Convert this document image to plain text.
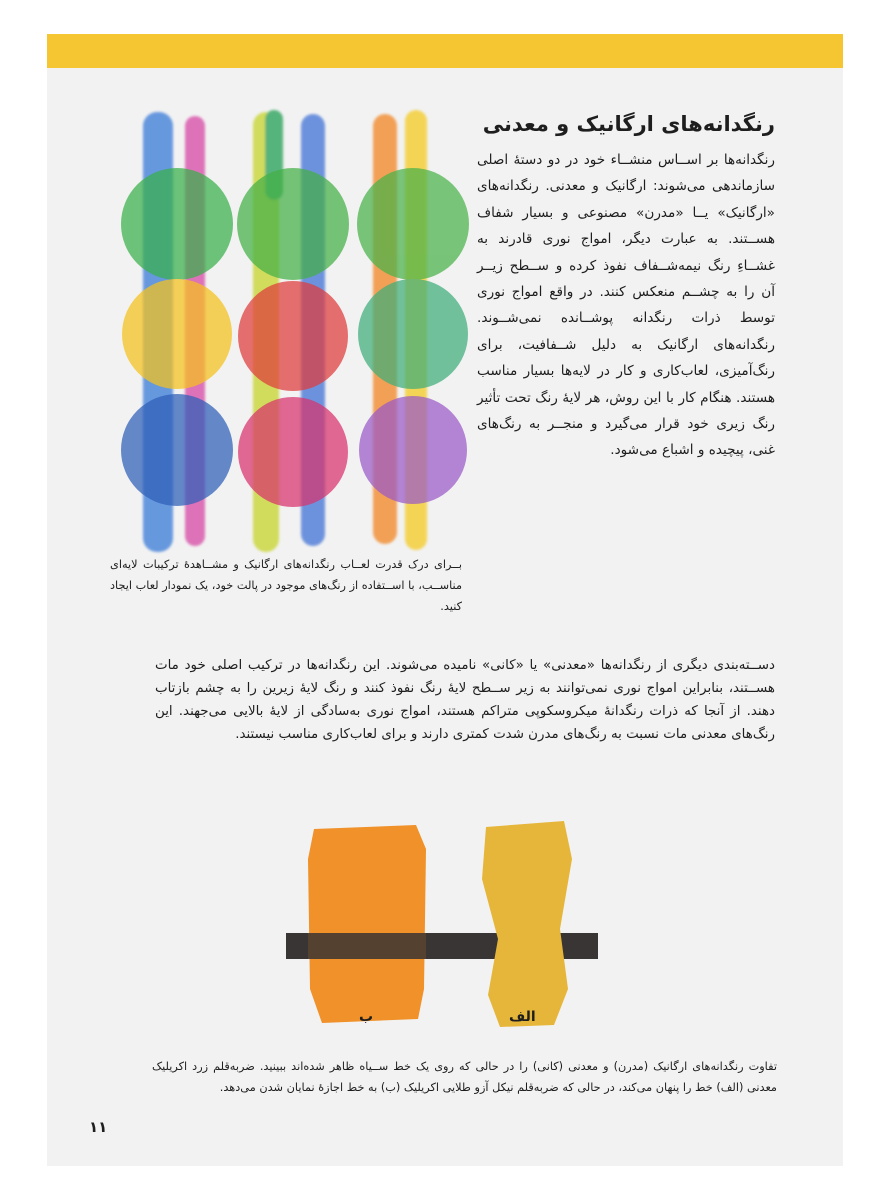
رنگدانه‌های ارگانیک و معدنی

رنگدانه‌ها بر اســاس منشــاء خود در دو دستهٔ اصلی سازماندهی می‌شوند: ارگانیک و معدنی. رنگدانه‌های «ارگانیک» یــا «مدرن» مصنوعی و بسیار شفاف هســتند. به عبارت دیگر، امواج نوری قادرند به غشــاءِ رنگ نیمه‌شــفاف نفوذ کرده و ســطح زیــر آن را به چشــم منعکس کنند. در واقع امواج نوری توسط ذرات رنگدانه پوشــانده نمی‌شــوند. رنگدانه‌های ارگانیک به دلیل شــفافیت، برای رنگ‌آمیزی، لعاب‌کاری و کار در لایه‌ها بسیار مناسب هستند. هنگام کار با این روش، هر لایهٔ رنگ تحت تأثیر رنگ زیری خود قرار می‌گیرد و منجــر به رنگ‌های غنی، پیچیده و اشباع می‌شود.

بــرای درک قدرت لعــاب رنگدانه‌های ارگانیک و مشــاهدهٔ ترکیبات لایه‌ای مناســب، با اســتفاده از رنگ‌های موجود در پالت خود، یک نمودار لعاب ایجاد کنید.

دســته‌بندی دیگری از رنگدانه‌ها «معدنی» یا «کانی» نامیده می‌شوند. این رنگدانه‌ها در ترکیب اصلی خود مات هســتند، بنابراین امواج نوری نمی‌توانند به زیر ســطح لایهٔ رنگ نفوذ کنند و رنگ لایهٔ زیرین را به چشم بازتاب دهند. از آنجا که ذرات رنگدانهٔ میکروسکوپی متراکم هستند، امواج نوری به‌سادگی از لایهٔ بالایی می‌جهند. این رنگ‌های معدنی مات نسبت به رنگ‌های مدرن شدت کمتری دارند و برای لعاب‌کاری مناسب نیستند.

الف

ب

تفاوت رنگدانه‌های ارگانیک (مدرن) و معدنی (کانی) را در حالی که روی یک خط ســیاه ظاهر شده‌اند ببینید. ضربه‌قلم زرد اکریلیک معدنی (الف) خط را پنهان می‌کند، در حالی که ضربه‌قلم نیکل آزو طلایی اکریلیک (ب) به خط اجازهٔ نمایان شدن می‌دهد.

۱۱
